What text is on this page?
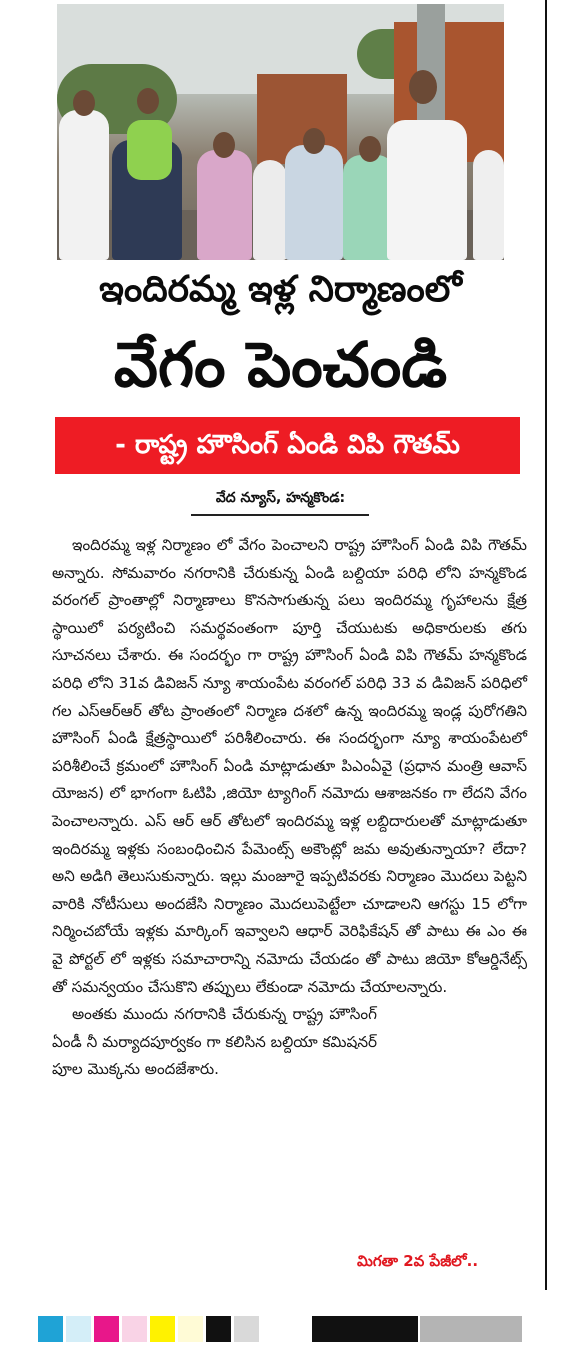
ఇందిరమ్మ ఇళ్ల నిర్మాణంలో
వేగం పెంచండి
- రాష్ట్ర హౌసింగ్ ఏండి విపి గౌతమ్
వేద న్యూస్, హన్మకొండ:

ఇందిరమ్మ ఇళ్ల నిర్మాణం లో వేగం పెంచాలని రాష్ట్ర హౌసింగ్ ఏండి విపి గౌతమ్ అన్నారు. సోమవారం నగరానికి చేరుకున్న ఏండి బల్దియా పరిధి లోని హన్మకొండ వరంగల్ ప్రాంతాల్లో నిర్మాణాలు కొనసాగుతున్న పలు ఇందిరమ్మ గృహాలను క్షేత్ర స్థాయిలో పర్యటించి సమర్థవంతంగా పూర్తి చేయుటకు అధికారులకు తగు సూచనలు చేశారు. ఈ సందర్భం గా రాష్ట్ర హౌసింగ్ ఏండి విపి గౌతమ్ హన్మకొండ పరిధి లోని 31వ డివిజన్ న్యూ శాయంపేట వరంగల్ పరిధి 33 వ డివిజన్ పరిధిలో గల ఎస్ఆర్ఆర్ తోట ప్రాంతంలో నిర్మాణ దశలో ఉన్న ఇందిరమ్మ ఇండ్ల పురోగతిని హౌసింగ్ ఏండి క్షేత్రస్థాయిలో పరిశీలించారు. ఈ సందర్భంగా న్యూ శాయంపేటలో పరిశీలించే క్రమంలో హౌసింగ్ ఏండి మాట్లాడుతూ పిఎంఏవై (ప్రధాన మంత్రి ఆవాస్ యోజన) లో భాగంగా ఓటిపి ,జియో ట్యాగింగ్ నమోదు ఆశాజనకం గా లేదని వేగం పెంచాలన్నారు. ఎస్ ఆర్ ఆర్ తోటలో ఇందిరమ్మ ఇళ్ల లబ్దిదారులతో మాట్లాడుతూ ఇందిరమ్మ ఇళ్లకు సంబంధించిన పేమెంట్స్ అకౌంట్లో జమ అవుతున్నాయా? లేదా? అని అడిగి తెలుసుకున్నారు. ఇల్లు మంజూరై ఇప్పటివరకు నిర్మాణం మొదలు పెట్టని వారికి నోటీసులు అందజేసి నిర్మాణం మొదలుపెట్టేలా చూడాలని ఆగస్టు 15 లోగా నిర్మించబోయే ఇళ్లకు మార్కింగ్ ఇవ్వాలని ఆధార్ వెరిఫికేషన్ తో పాటు ఈ ఎం ఈ వై పోర్టల్ లో ఇళ్లకు సమాచారాన్ని నమోదు చేయడం తో పాటు జియో కోఆర్డినేట్స్ తో సమన్వయం చేసుకొని తప్పులు లేకుండా నమోదు చేయాలన్నారు.

అంతకు ముందు నగరానికి చేరుకున్న రాష్ట్ర హౌసింగ్ ఏండీ నీ మర్యాదపూర్వకం గా కలిసిన బల్దియా కమిషనర్ పూల మొక్కను అందజేశారు.

మిగతా 2వ పేజీలో..
